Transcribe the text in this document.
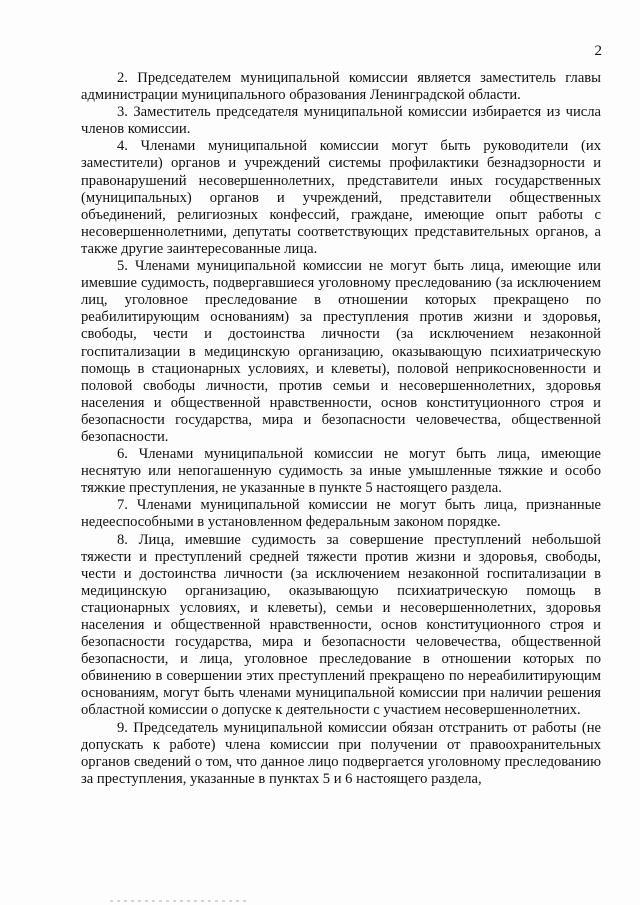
2

2. Председателем муниципальной комиссии является заместитель главы администрации муниципального образования Ленинградской области.

3. Заместитель председателя муниципальной комиссии избирается из числа членов комиссии.

4. Членами муниципальной комиссии могут быть руководители (их заместители) органов и учреждений системы профилактики безнадзорности и правонарушений несовершеннолетних, представители иных государственных (муниципальных) органов и учреждений, представители общественных объединений, религиозных конфессий, граждане, имеющие опыт работы с несовершеннолетними, депутаты соответствующих представительных органов, а также другие заинтересованные лица.

5. Членами муниципальной комиссии не могут быть лица, имеющие или имевшие судимость, подвергавшиеся уголовному преследованию (за исключением лиц, уголовное преследование в отношении которых прекращено по реабилитирующим основаниям) за преступления против жизни и здоровья, свободы, чести и достоинства личности (за исключением незаконной госпитализации в медицинскую организацию, оказывающую психиатрическую помощь в стационарных условиях, и клеветы), половой неприкосновенности и половой свободы личности, против семьи и несовершеннолетних, здоровья населения и общественной нравственности, основ конституционного строя и безопасности государства, мира и безопасности человечества, общественной безопасности.

6. Членами муниципальной комиссии не могут быть лица, имеющие неснятую или непогашенную судимость за иные умышленные тяжкие и особо тяжкие преступления, не указанные в пункте 5 настоящего раздела.

7. Членами муниципальной комиссии не могут быть лица, признанные недееспособными в установленном федеральным законом порядке.

8. Лица, имевшие судимость за совершение преступлений небольшой тяжести и преступлений средней тяжести против жизни и здоровья, свободы, чести и достоинства личности (за исключением незаконной госпитализации в медицинскую организацию, оказывающую психиатрическую помощь в стационарных условиях, и клеветы), семьи и несовершеннолетних, здоровья населения и общественной нравственности, основ конституционного строя и безопасности государства, мира и безопасности человечества, общественной безопасности, и лица, уголовное преследование в отношении которых по обвинению в совершении этих преступлений прекращено по нереабилитирующим основаниям, могут быть членами муниципальной комиссии при наличии решения областной комиссии о допуске к деятельности с участием несовершеннолетних.

9. Председатель муниципальной комиссии обязан отстранить от работы (не допускать к работе) члена комиссии при получении от правоохранительных органов сведений о том, что данное лицо подвергается уголовному преследованию за преступления, указанные в пунктах 5 и 6 настоящего раздела,
